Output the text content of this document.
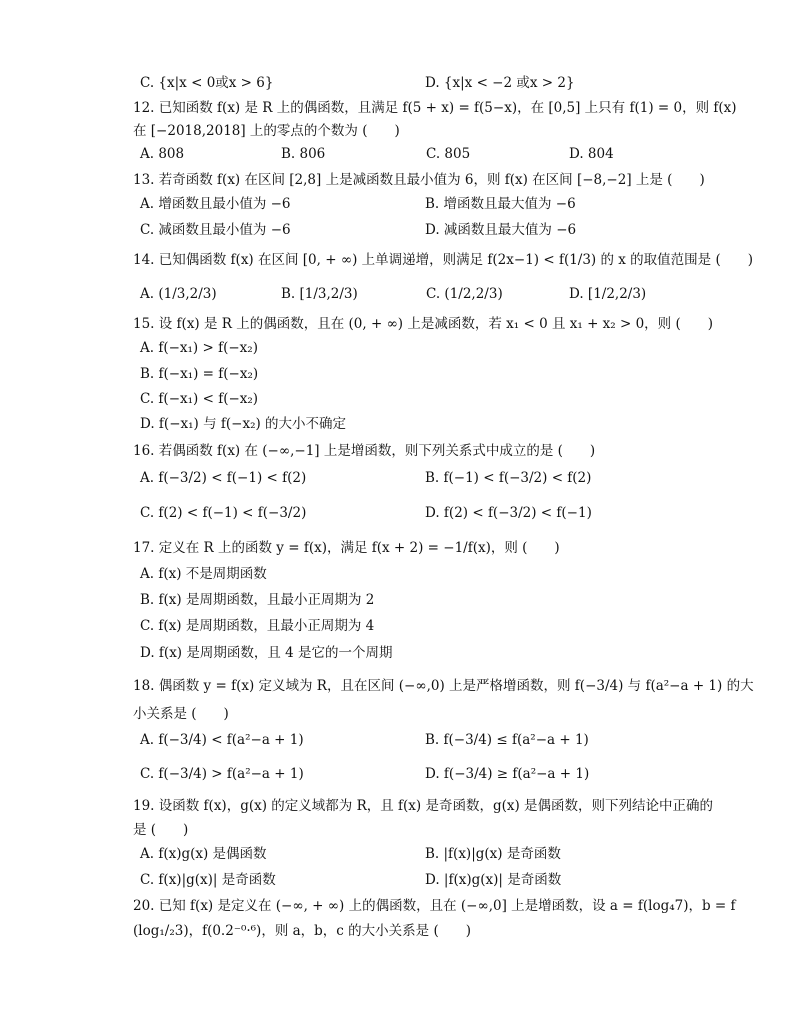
C. {x|x < 0或x > 6}	D. {x|x < −2 或x > 2}
12. 已知函数 f(x) 是 R 上的偶函数，且满足 f(5 + x) = f(5−x)，在 [0,5] 上只有 f(1) = 0，则 f(x)
在 [−2018,2018] 上的零点的个数为 (　　)
A. 808	B. 806	C. 805	D. 804
13. 若奇函数 f(x) 在区间 [2,8] 上是减函数且最小值为 6，则 f(x) 在区间 [−8,−2] 上是 (　　)
A. 增函数且最小值为 −6	B. 增函数且最大值为 −6
C. 减函数且最小值为 −6	D. 减函数且最大值为 −6
14. 已知偶函数 f(x) 在区间 [0, + ∞) 上单调递增，则满足 f(2x−1) < f(1/3) 的 x 的取值范围是 (　　)
A. (1/3,2/3)	B. [1/3,2/3)	C. (1/2,2/3)	D. [1/2,2/3)
15. 设 f(x) 是 R 上的偶函数，且在 (0, + ∞) 上是减函数，若 x₁ < 0 且 x₁ + x₂ > 0，则 (　　)
A. f(−x₁) > f(−x₂)
B. f(−x₁) = f(−x₂)
C. f(−x₁) < f(−x₂)
D. f(−x₁) 与 f(−x₂) 的大小不确定
16. 若偶函数 f(x) 在 (−∞,−1] 上是增函数，则下列关系式中成立的是 (　　)
A. f(−3/2) < f(−1) < f(2)	B. f(−1) < f(−3/2) < f(2)
C. f(2) < f(−1) < f(−3/2)	D. f(2) < f(−3/2) < f(−1)
17. 定义在 R 上的函数 y = f(x)，满足 f(x + 2) = −1/f(x)，则 (　　)
A. f(x) 不是周期函数
B. f(x) 是周期函数，且最小正周期为 2
C. f(x) 是周期函数，且最小正周期为 4
D. f(x) 是周期函数，且 4 是它的一个周期
18. 偶函数 y = f(x) 定义域为 R，且在区间 (−∞,0) 上是严格增函数，则 f(−3/4) 与 f(a²−a + 1) 的大
小关系是 (　　)
A. f(−3/4) < f(a²−a + 1)	B. f(−3/4) ≤ f(a²−a + 1)
C. f(−3/4) > f(a²−a + 1)	D. f(−3/4) ≥ f(a²−a + 1)
19. 设函数 f(x)，g(x) 的定义域都为 R，且 f(x) 是奇函数，g(x) 是偶函数，则下列结论中正确的
是 (　　)
A. f(x)g(x) 是偶函数	B. |f(x)|g(x) 是奇函数
C. f(x)|g(x)| 是奇函数	D. |f(x)g(x)| 是奇函数
20. 已知 f(x) 是定义在 (−∞, + ∞) 上的偶函数，且在 (−∞,0] 上是增函数，设 a = f(log₄7)，b = f
(log₁/₂3)，f(0.2⁻⁰·⁶)，则 a，b，c 的大小关系是 (　　)
